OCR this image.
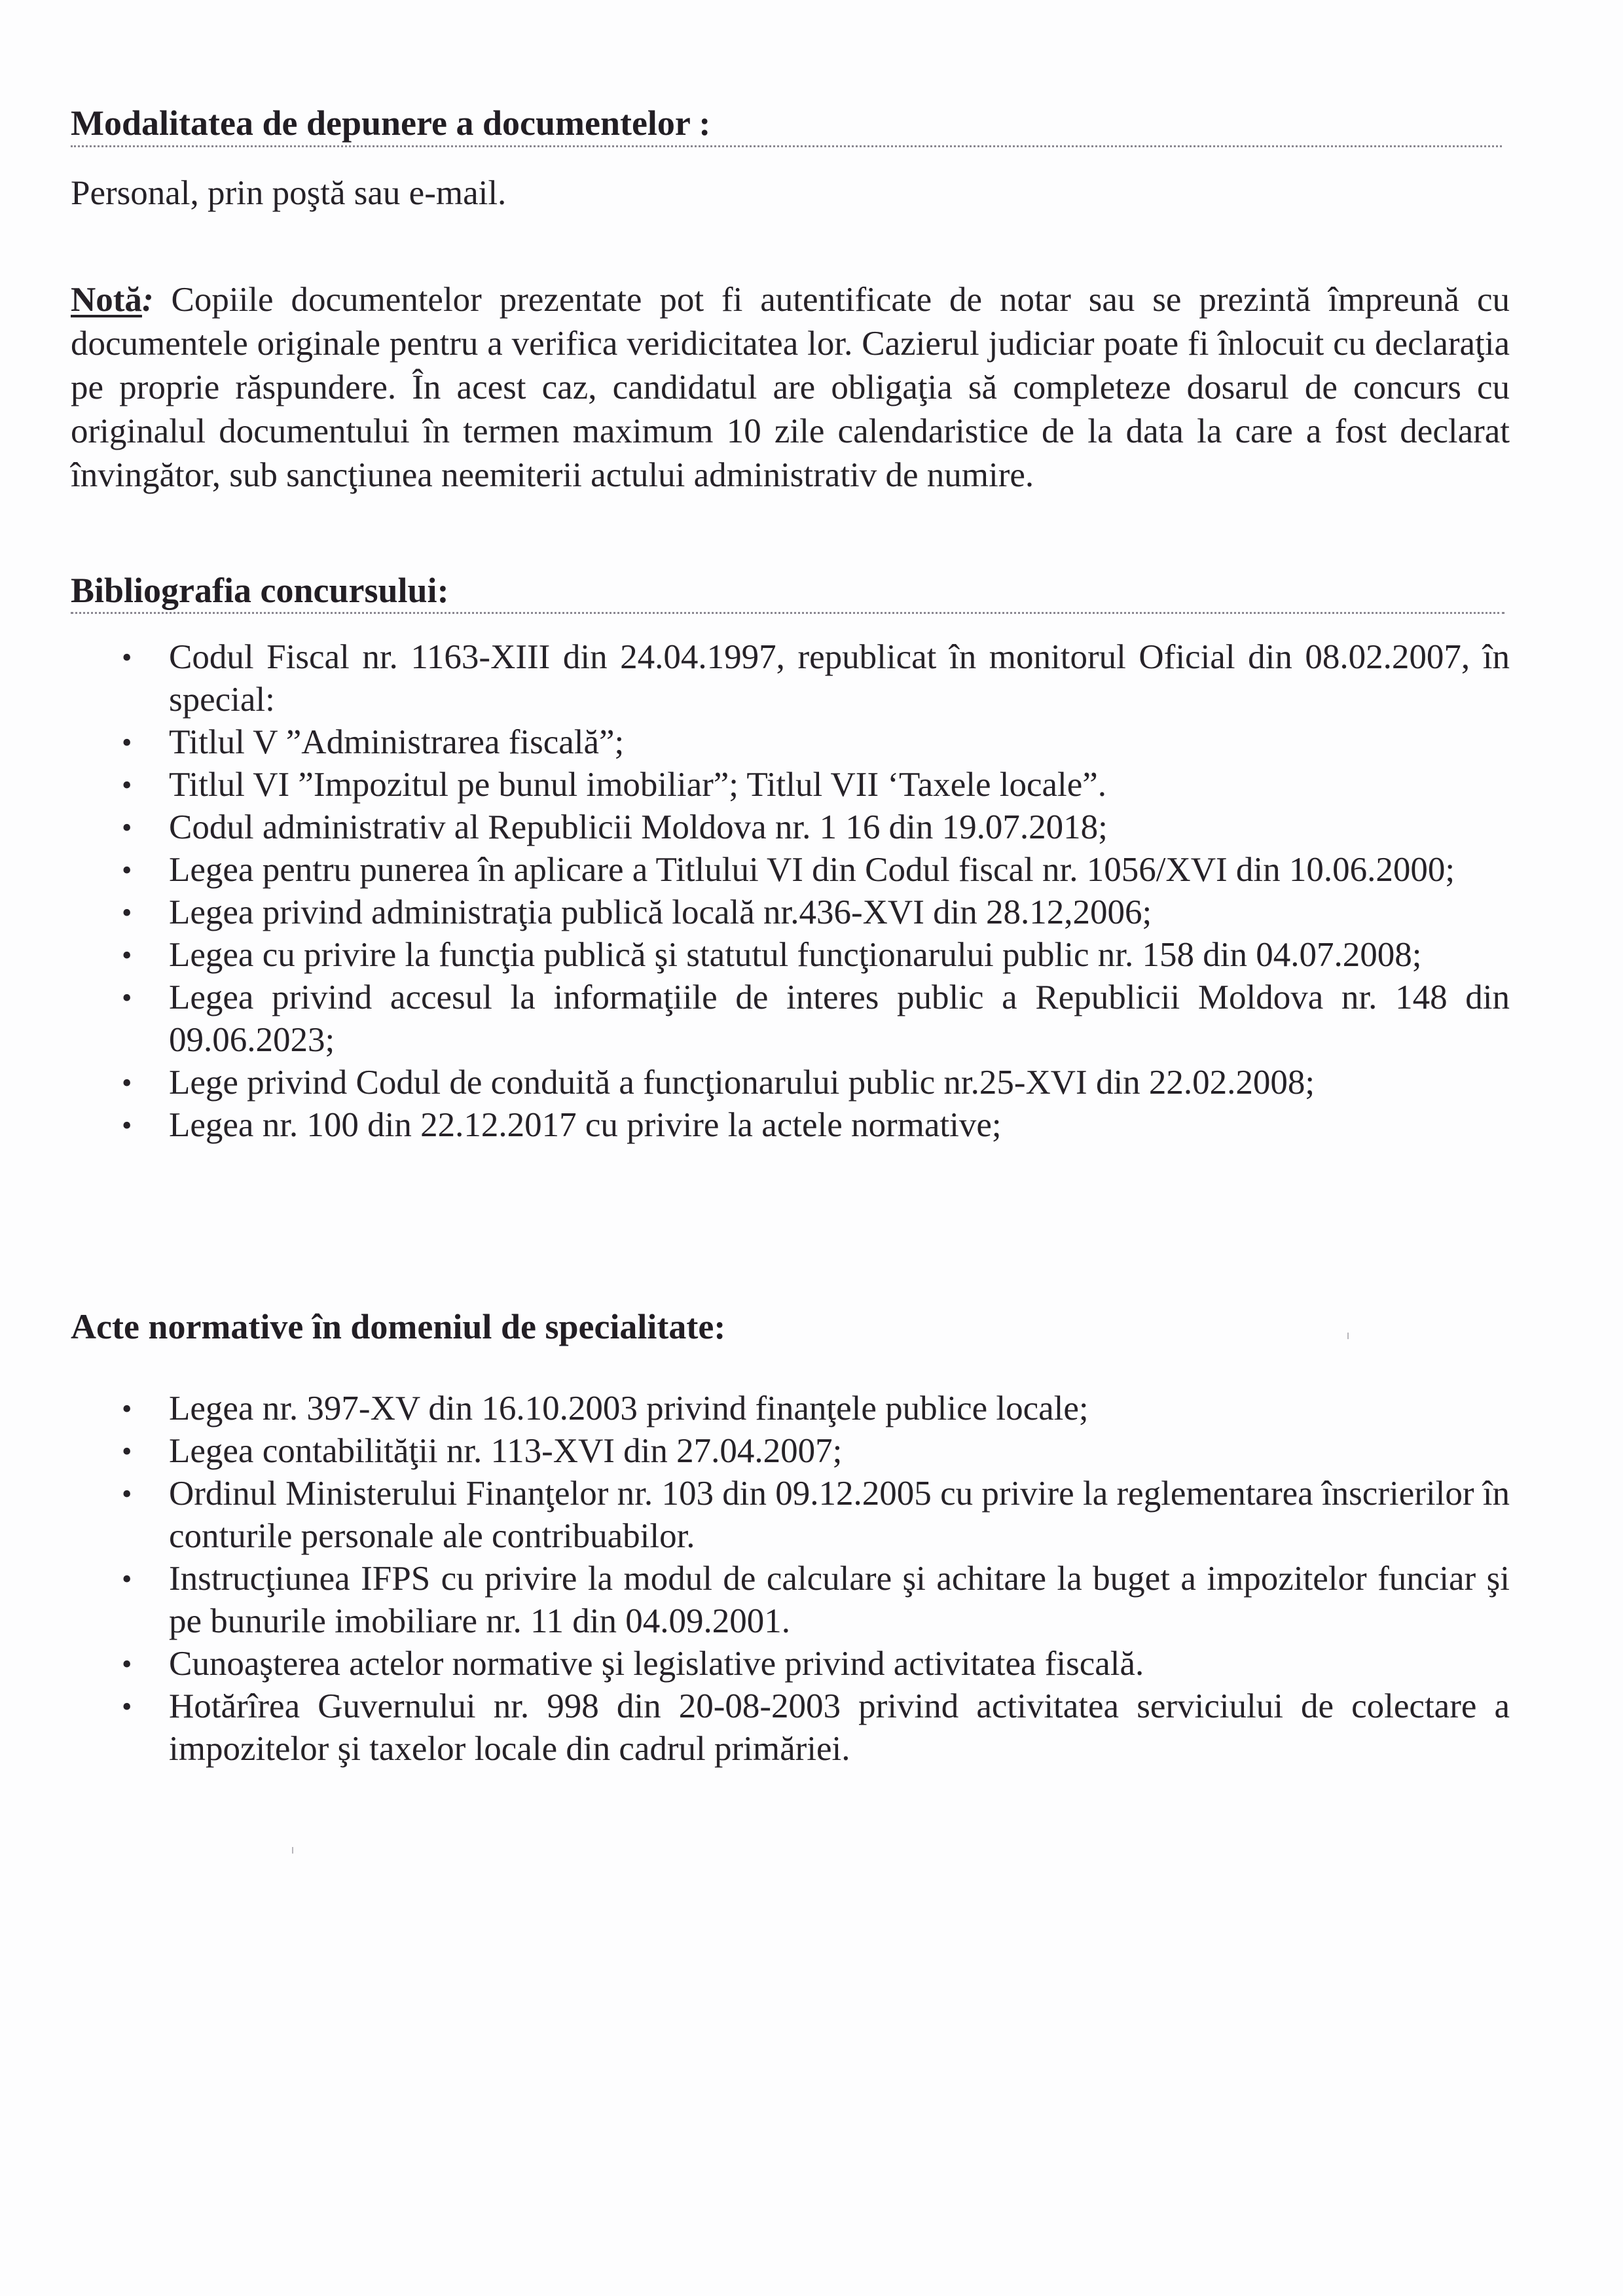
Modalitatea de depunere a documentelor :
Personal, prin poştă sau e-mail.
Notă: Copiile documentelor prezentate pot fi autentificate de notar sau se prezintă împreună cu documentele originale pentru a verifica veridicitatea lor. Cazierul judiciar poate fi înlocuit cu declaraţia pe proprie răspundere. În acest caz, candidatul are obligaţia să completeze dosarul de concurs cu originalul documentului în termen maximum 10 zile calendaristice de la data la care a fost declarat învingător, sub sancţiunea neemiterii actului administrativ de numire.
Bibliografia concursului:
• Codul Fiscal nr. 1163-XIII din 24.04.1997, republicat în monitorul Oficial din 08.02.2007, în special:
• Titlul V ”Administrarea fiscală”;
• Titlul VI ”Impozitul pe bunul imobiliar”; Titlul VII ‘Taxele locale”.
• Codul administrativ al Republicii Moldova nr. 1 16 din 19.07.2018;
• Legea pentru punerea în aplicare a Titlului VI din Codul fiscal nr. 1056/XVI din 10.06.2000;
• Legea privind administraţia publică locală nr.436-XVI din 28.12,2006;
• Legea cu privire la funcţia publică şi statutul funcţionarului public nr. 158 din 04.07.2008;
• Legea privind accesul la informaţiile de interes public a Republicii Moldova nr. 148 din 09.06.2023;
• Lege privind Codul de conduită a funcţionarului public nr.25-XVI din 22.02.2008;
• Legea nr. 100 din 22.12.2017 cu privire la actele normative;
Acte normative în domeniul de specialitate:
• Legea nr. 397-XV din 16.10.2003 privind finanţele publice locale;
• Legea contabilităţii nr. 113-XVI din 27.04.2007;
• Ordinul Ministerului Finanţelor nr. 103 din 09.12.2005 cu privire la reglementarea înscrierilor în conturile personale ale contribuabilor.
• Instrucţiunea IFPS cu privire la modul de calculare şi achitare la buget a impozitelor funciar şi pe bunurile imobiliare nr. 11 din 04.09.2001.
• Cunoaşterea actelor normative şi legislative privind activitatea fiscală.
• Hotărîrea Guvernului nr. 998 din 20-08-2003 privind activitatea serviciului de colectare a impozitelor şi taxelor locale din cadrul primăriei.
